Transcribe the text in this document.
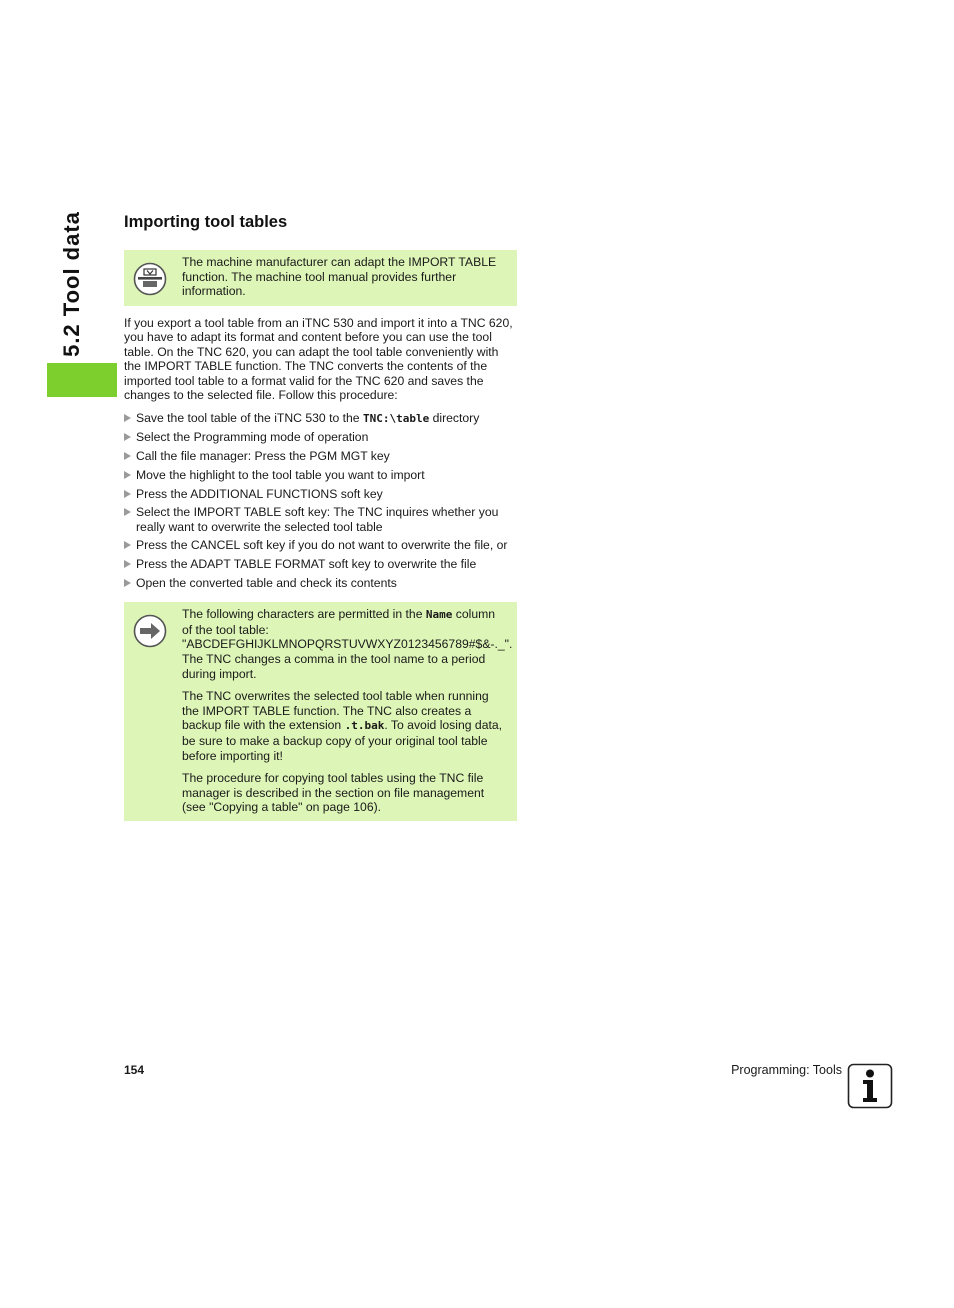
5.2 Tool data Importing tool tables

The machine manufacturer can adapt the IMPORT TABLE function. The machine tool manual provides further information.

If you export a tool table from an iTNC 530 and import it into a TNC 620, you have to adapt its format and content before you can use the tool table. On the TNC 620, you can adapt the tool table conveniently with the IMPORT TABLE function. The TNC converts the contents of the imported tool table to a format valid for the TNC 620 and saves the changes to the selected file. Follow this procedure:

Save the tool table of the iTNC 530 to the TNC:\table directory
Select the Programming mode of operation
Call the file manager: Press the PGM MGT key
Move the highlight to the tool table you want to import
Press the ADDITIONAL FUNCTIONS soft key
Select the IMPORT TABLE soft key: The TNC inquires whether you really want to overwrite the selected tool table
Press the CANCEL soft key if you do not want to overwrite the file, or
Press the ADAPT TABLE FORMAT soft key to overwrite the file
Open the converted table and check its contents

The following characters are permitted in the Name column of the tool table: "ABCDEFGHIJKLMNOPQRSTUVWXYZ0123456789#$&-._". The TNC changes a comma in the tool name to a period during import.

The TNC overwrites the selected tool table when running the IMPORT TABLE function. The TNC also creates a backup file with the extension .t.bak. To avoid losing data, be sure to make a backup copy of your original tool table before importing it!

The procedure for copying tool tables using the TNC file manager is described in the section on file management (see "Copying a table" on page 106).

154	Programming: Tools
